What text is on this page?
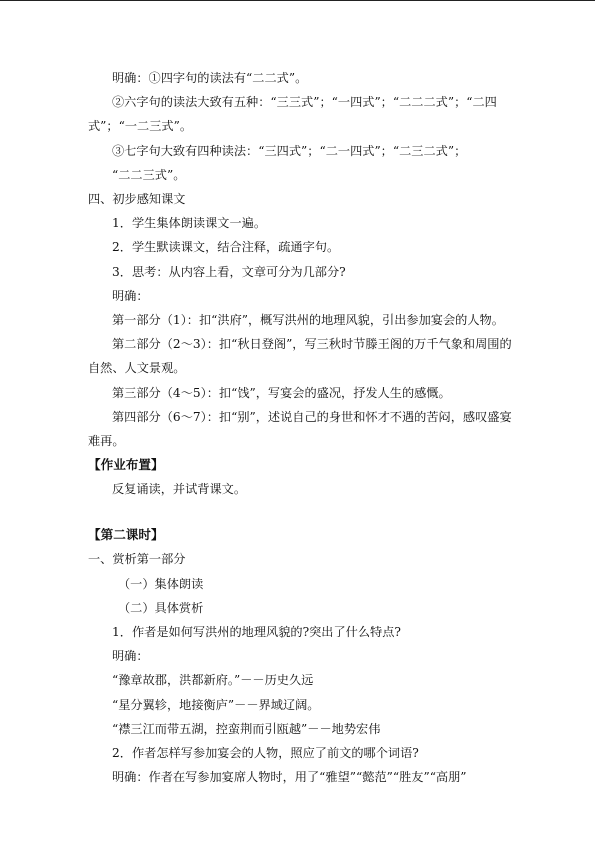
明确：①四字句的读法有“二二式”。

②六字句的读法大致有五种：“三三式”；“一四式”；“二二二式”；“二四式”；“一二三式”。

③七字句大致有四种读法：“三四式”；“二一四式”；“二三二式”；

“二二三式”。

四、初步感知课文

1．学生集体朗读课文一遍。

2．学生默读课文，结合注释，疏通字句。

3．思考：从内容上看，文章可分为几部分?

明确：

第一部分（1）：扣“洪府”，概写洪州的地理风貌，引出参加宴会的人物。

第二部分（2～3）：扣“秋日登阁”，写三秋时节滕王阁的万千气象和周围的自然、人文景观。

第三部分（4～5）：扣“饯”，写宴会的盛况，抒发人生的感慨。

第四部分（6～7）：扣“别”，述说自己的身世和怀才不遇的苦闷，感叹盛宴难再。

【作业布置】

反复诵读，并试背课文。

【第二课时】

一、赏析第一部分

（一）集体朗读

（二）具体赏析

1．作者是如何写洪州的地理风貌的?突出了什么特点?

明确：

“豫章故郡，洪都新府。”－－历史久远

“星分翼轸，地接衡庐”－－界域辽阔。

“襟三江而带五湖，控蛮荆而引瓯越”－－地势宏伟

2．作者怎样写参加宴会的人物，照应了前文的哪个词语?

明确：作者在写参加宴席人物时，用了“雅望”“懿范”“胜友”“高朋”
